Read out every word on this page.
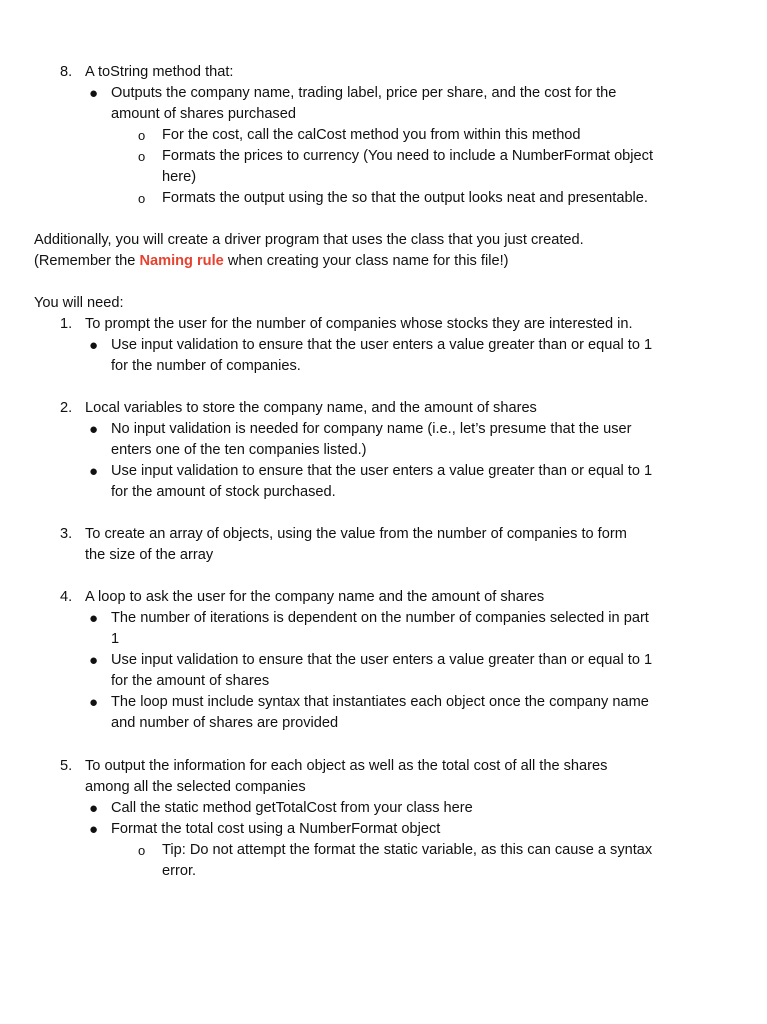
8. A toString method that:
● Outputs the company name, trading label, price per share, and the cost for the
amount of shares purchased
o For the cost, call the calCost method you from within this method
o Formats the prices to currency (You need to include a NumberFormat object
here)
o Formats the output using the so that the output looks neat and presentable.
Additionally, you will create a driver program that uses the class that you just created.
(Remember the Naming rule when creating your class name for this file!)
You will need:
1. To prompt the user for the number of companies whose stocks they are interested in.
● Use input validation to ensure that the user enters a value greater than or equal to 1
for the number of companies.
2. Local variables to store the company name, and the amount of shares
● No input validation is needed for company name (i.e., let’s presume that the user
enters one of the ten companies listed.)
● Use input validation to ensure that the user enters a value greater than or equal to 1
for the amount of stock purchased.
3. To create an array of objects, using the value from the number of companies to form
the size of the array
4. A loop to ask the user for the company name and the amount of shares
● The number of iterations is dependent on the number of companies selected in part
1
● Use input validation to ensure that the user enters a value greater than or equal to 1
for the amount of shares
● The loop must include syntax that instantiates each object once the company name
and number of shares are provided
5. To output the information for each object as well as the total cost of all the shares
among all the selected companies
● Call the static method getTotalCost from your class here
● Format the total cost using a NumberFormat object
o Tip: Do not attempt the format the static variable, as this can cause a syntax
error.
